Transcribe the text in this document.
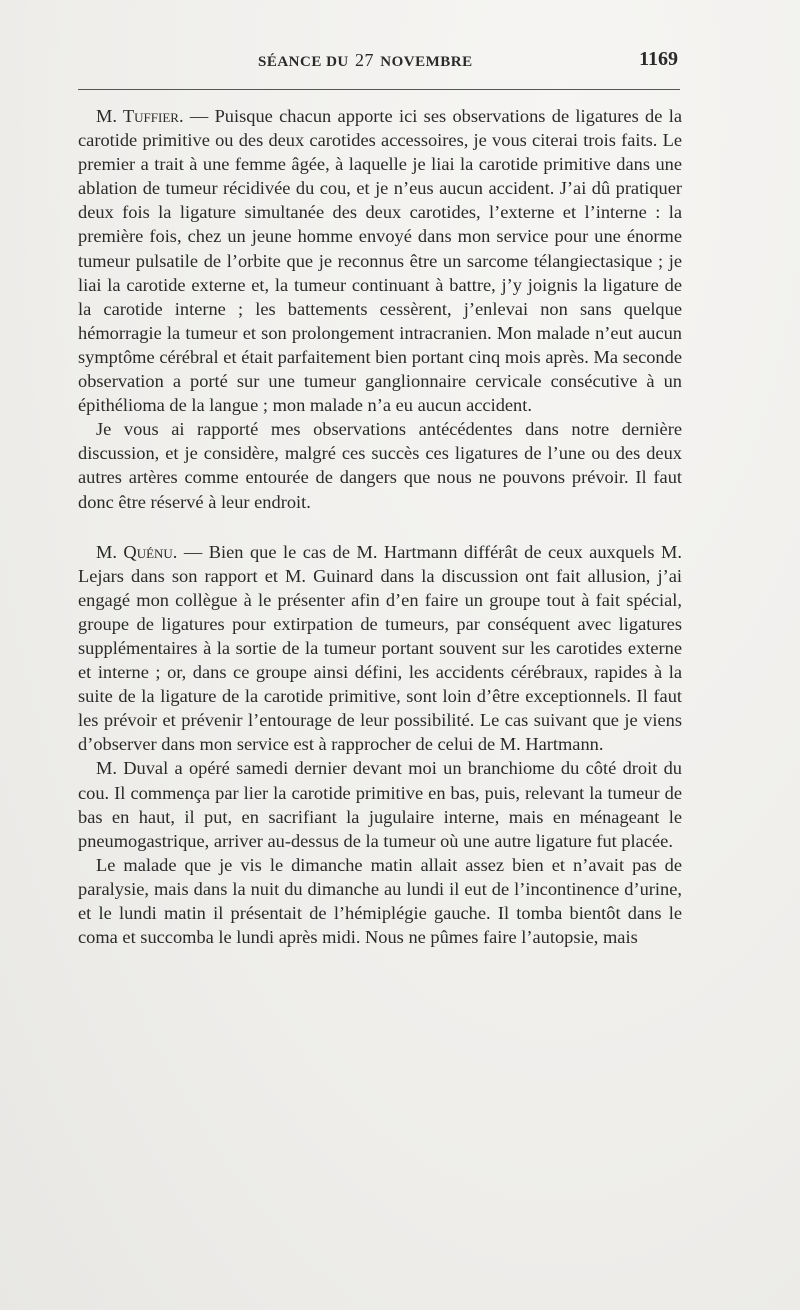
SÉANCE DU 27 NOVEMBRE	1169

M. Tuffier. — Puisque chacun apporte ici ses observations de ligatures de la carotide primitive ou des deux carotides accessoires, je vous citerai trois faits. Le premier a trait à une femme âgée, à laquelle je liai la carotide primitive dans une ablation de tumeur récidivée du cou, et je n’eus aucun accident. J’ai dû pratiquer deux fois la ligature simultanée des deux carotides, l’externe et l’interne : la première fois, chez un jeune homme envoyé dans mon service pour une énorme tumeur pulsatile de l’orbite que je reconnus être un sarcome télangiectasique ; je liai la carotide externe et, la tumeur continuant à battre, j’y joignis la ligature de la carotide interne ; les battements cessèrent, j’enlevai non sans quelque hémorragie la tumeur et son prolongement intracranien. Mon malade n’eut aucun symptôme cérébral et était parfaitement bien portant cinq mois après. Ma seconde observation a porté sur une tumeur ganglionnaire cervicale consécutive à un épithélioma de la langue ; mon malade n’a eu aucun accident.

Je vous ai rapporté mes observations antécédentes dans notre dernière discussion, et je considère, malgré ces succès ces ligatures de l’une ou des deux autres artères comme entourée de dangers que nous ne pouvons prévoir. Il faut donc être réservé à leur endroit.

M. Quénu. — Bien que le cas de M. Hartmann différât de ceux auxquels M. Lejars dans son rapport et M. Guinard dans la discussion ont fait allusion, j’ai engagé mon collègue à le présenter afin d’en faire un groupe tout à fait spécial, groupe de ligatures pour extirpation de tumeurs, par conséquent avec ligatures supplémentaires à la sortie de la tumeur portant souvent sur les carotides externe et interne ; or, dans ce groupe ainsi défini, les accidents cérébraux, rapides à la suite de la ligature de la carotide primitive, sont loin d’être exceptionnels. Il faut les prévoir et prévenir l’entourage de leur possibilité. Le cas suivant que je viens d’observer dans mon service est à rapprocher de celui de M. Hartmann.

M. Duval a opéré samedi dernier devant moi un branchiome du côté droit du cou. Il commença par lier la carotide primitive en bas, puis, relevant la tumeur de bas en haut, il put, en sacrifiant la jugulaire interne, mais en ménageant le pneumogastrique, arriver au-dessus de la tumeur où une autre ligature fut placée.

Le malade que je vis le dimanche matin allait assez bien et n’avait pas de paralysie, mais dans la nuit du dimanche au lundi il eut de l’incontinence d’urine, et le lundi matin il présentait de l’hémiplégie gauche. Il tomba bientôt dans le coma et succomba le lundi après midi. Nous ne pûmes faire l’autopsie, mais
